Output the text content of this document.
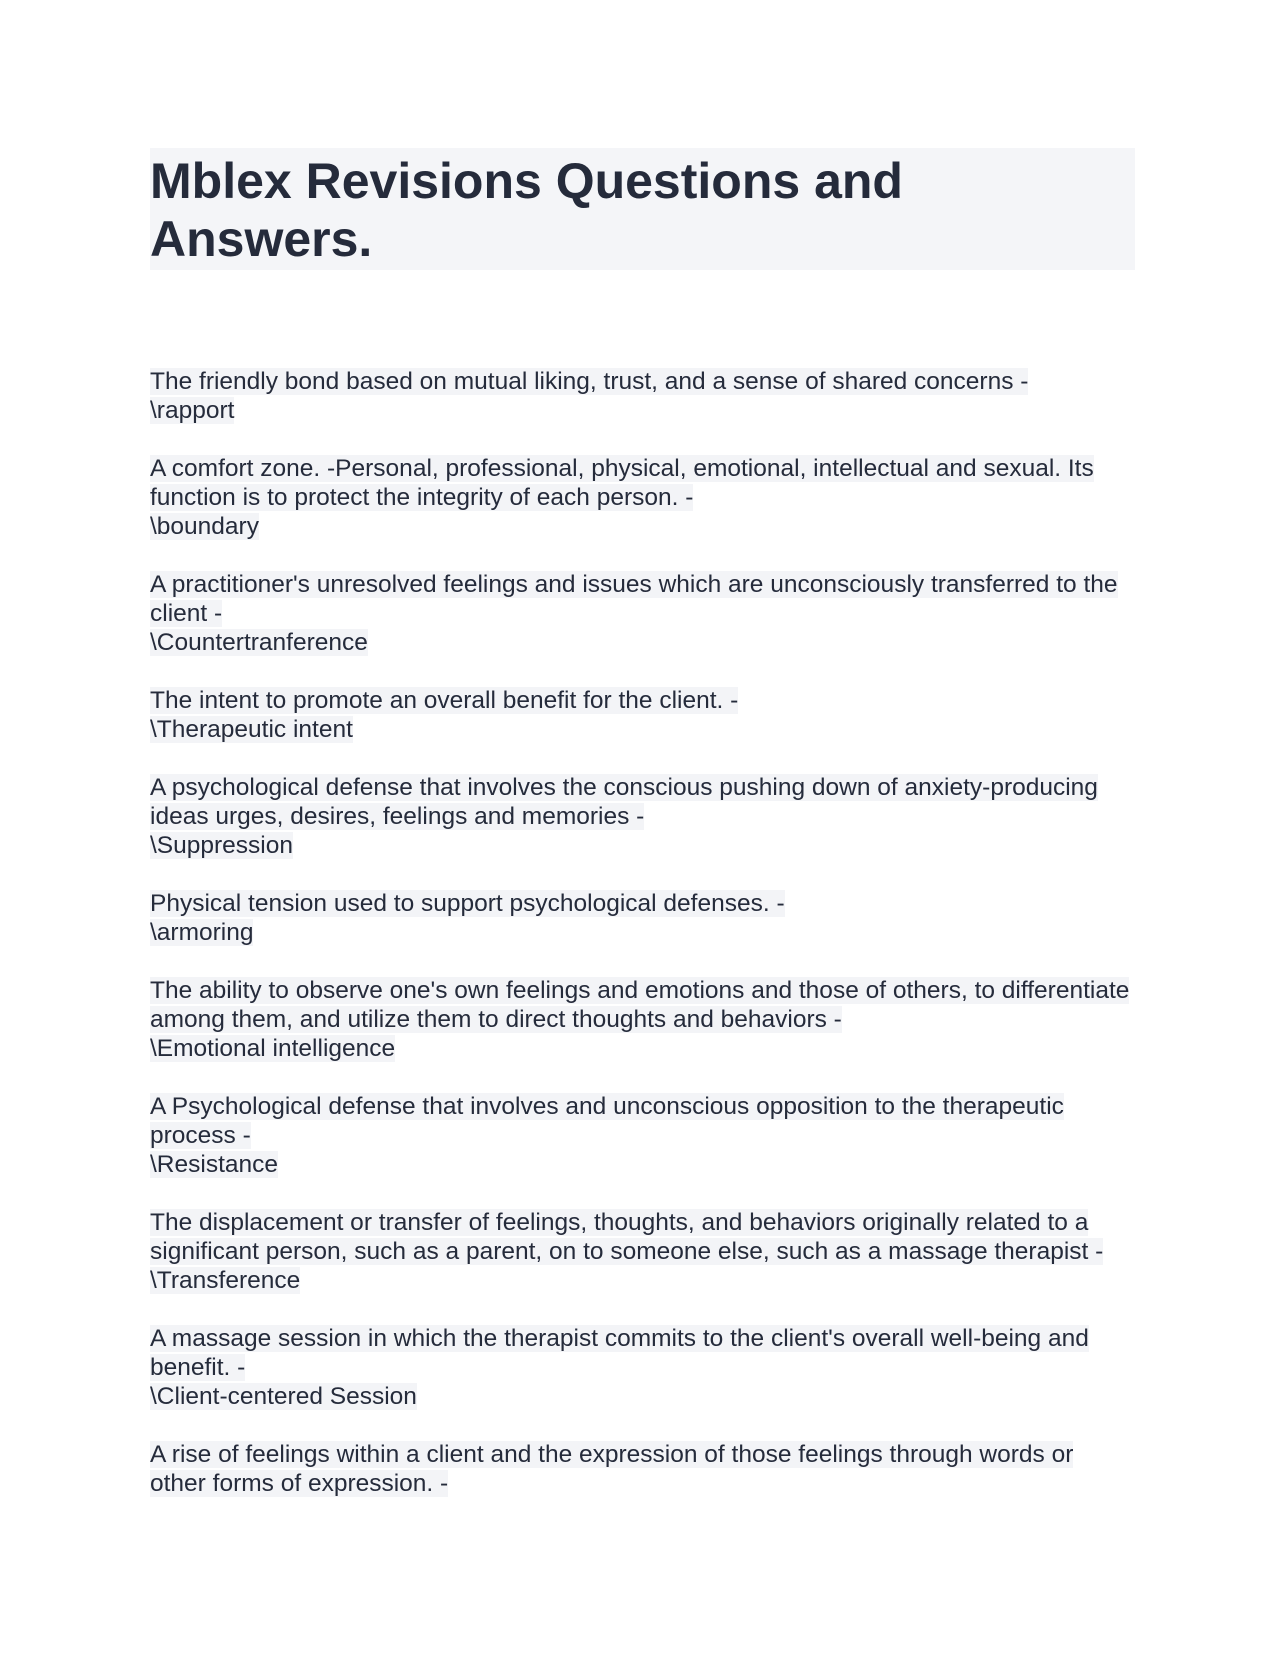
Mblex Revisions Questions and Answers.
The friendly bond based on mutual liking, trust, and a sense of shared concerns -
\rapport
A comfort zone. -Personal, professional, physical, emotional, intellectual and sexual. Its function is to protect the integrity of each person. -
\boundary
A practitioner's unresolved feelings and issues which are unconsciously transferred to the client -
\Countertranference
The intent to promote an overall benefit for the client. -
\Therapeutic intent
A psychological defense that involves the conscious pushing down of anxiety-producing ideas urges, desires, feelings and memories -
\Suppression
Physical tension used to support psychological defenses. -
\armoring
The ability to observe one's own feelings and emotions and those of others, to differentiate among them, and utilize them to direct thoughts and behaviors -
\Emotional intelligence
A Psychological defense that involves and unconscious opposition to the therapeutic process -
\Resistance
The displacement or transfer of feelings, thoughts, and behaviors originally related to a significant person, such as a parent, on to someone else, such as a massage therapist -
\Transference
A massage session in which the therapist commits to the client's overall well-being and benefit. -
\Client-centered Session
A rise of feelings within a client and the expression of those feelings through words or other forms of expression. -
